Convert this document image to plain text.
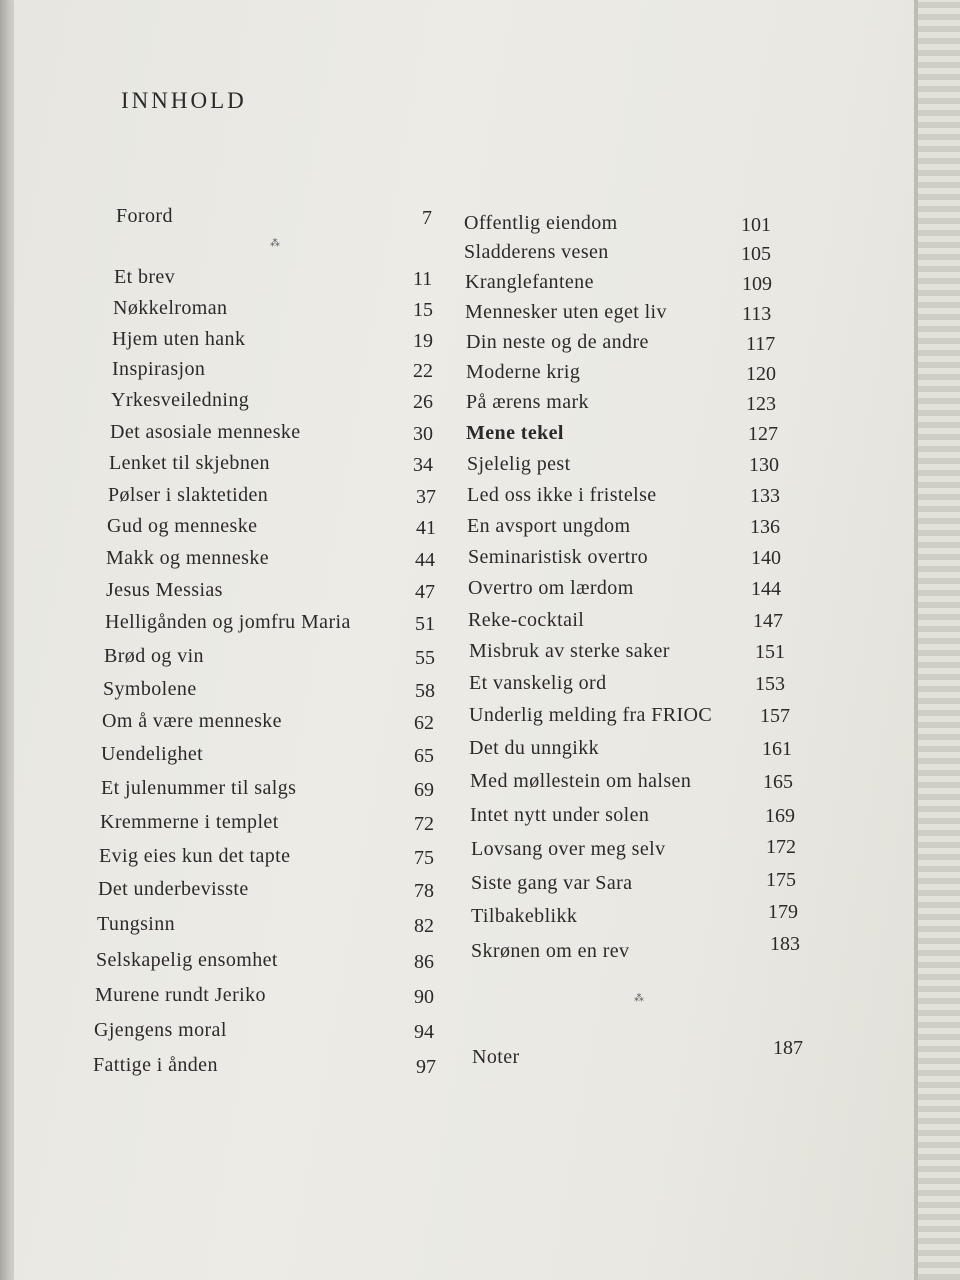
INNHOLD
⁂
⁂
Forord	7
Et brev	11
Nøkkelroman	15
Hjem uten hank	19
Inspirasjon	22
Yrkesveiledning	26
Det asosiale menneske	30
Lenket til skjebnen	34
Pølser i slaktetiden	37
Gud og menneske	41
Makk og menneske	44
Jesus Messias	47
Helligånden og jomfru Maria	51
Brød og vin	55
Symbolene	58
Om å være menneske	62
Uendelighet	65
Et julenummer til salgs	69
Kremmerne i templet	72
Evig eies kun det tapte	75
Det underbevisste	78
Tungsinn	82
Selskapelig ensomhet	86
Murene rundt Jeriko	90
Gjengens moral	94
Fattige i ånden	97
Offentlig eiendom	101
Sladderens vesen	105
Kranglefantene	109
Mennesker uten eget liv	113
Din neste og de andre	117
Moderne krig	120
På ærens mark	123
Mene tekel	127
Sjelelig pest	130
Led oss ikke i fristelse	133
En avsport ungdom	136
Seminaristisk overtro	140
Overtro om lærdom	144
Reke-cocktail	147
Misbruk av sterke saker	151
Et vanskelig ord	153
Underlig melding fra FRIOC 157
Det du unngikk	161
Med møllestein om halsen	165
Intet nytt under solen	169
Lovsang over meg selv	172
Siste gang var Sara	175
Tilbakeblikk	179
Skrønen om en rev	183
Noter	187
